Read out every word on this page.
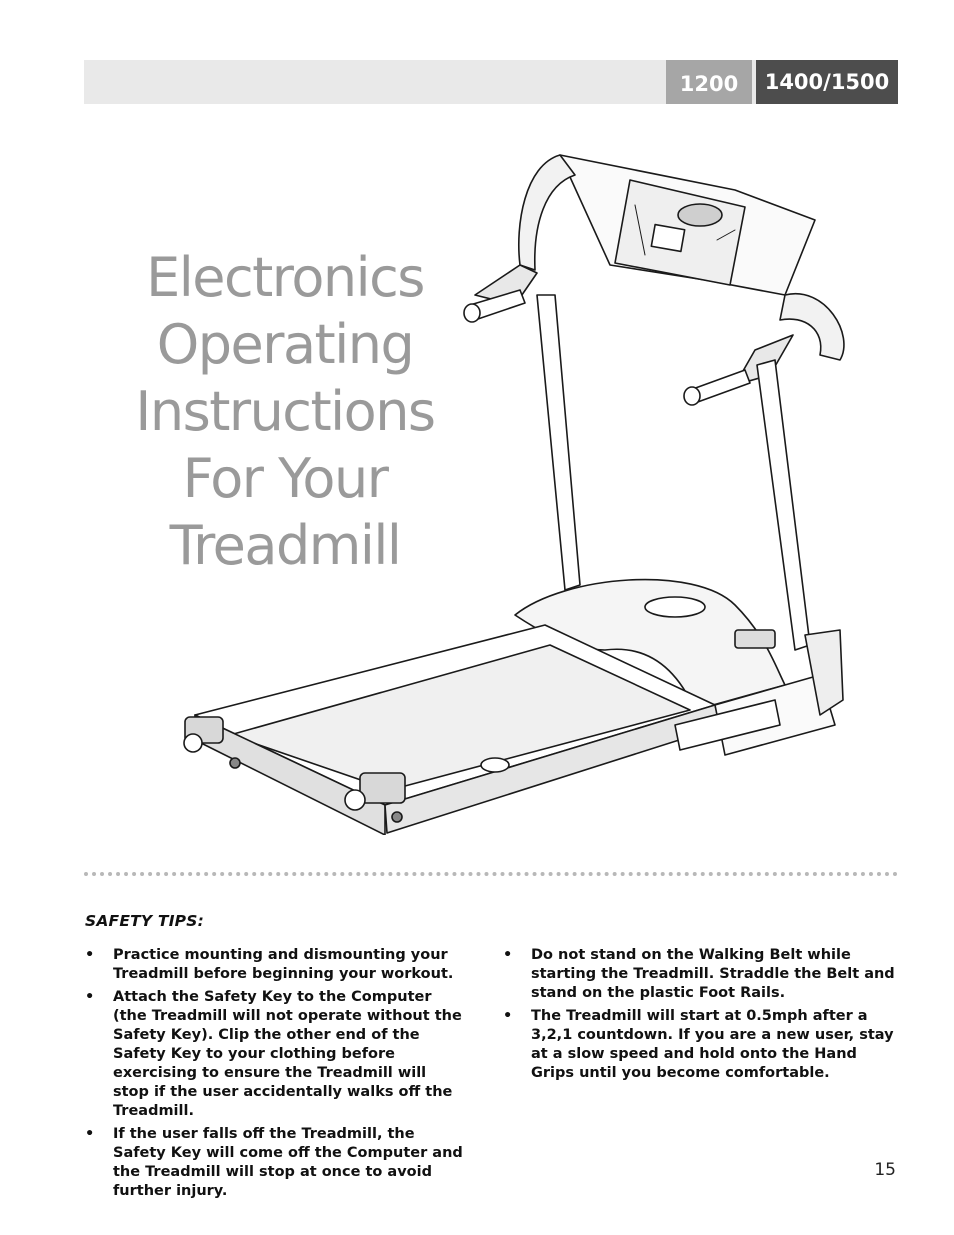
1200	1400/1500
Electronics
Operating
Instructions
For Your
Treadmill
SAFETY TIPS:
• Practice mounting and dismounting your Treadmill before beginning your workout.
• Attach the Safety Key to the Computer (the Treadmill will not operate without the Safety Key). Clip the other end of the Safety Key to your clothing before exercising to ensure the Treadmill will stop if the user accidentally walks off the Treadmill.
• If the user falls off the Treadmill, the Safety Key will come off the Computer and the Treadmill will stop at once to avoid further injury.
• Do not stand on the Walking Belt while starting the Treadmill. Straddle the Belt and stand on the plastic Foot Rails.
• The Treadmill will start at 0.5mph after a 3,2,1 countdown. If you are a new user, stay at a slow speed and hold onto the Hand Grips until you become comfortable.
15
